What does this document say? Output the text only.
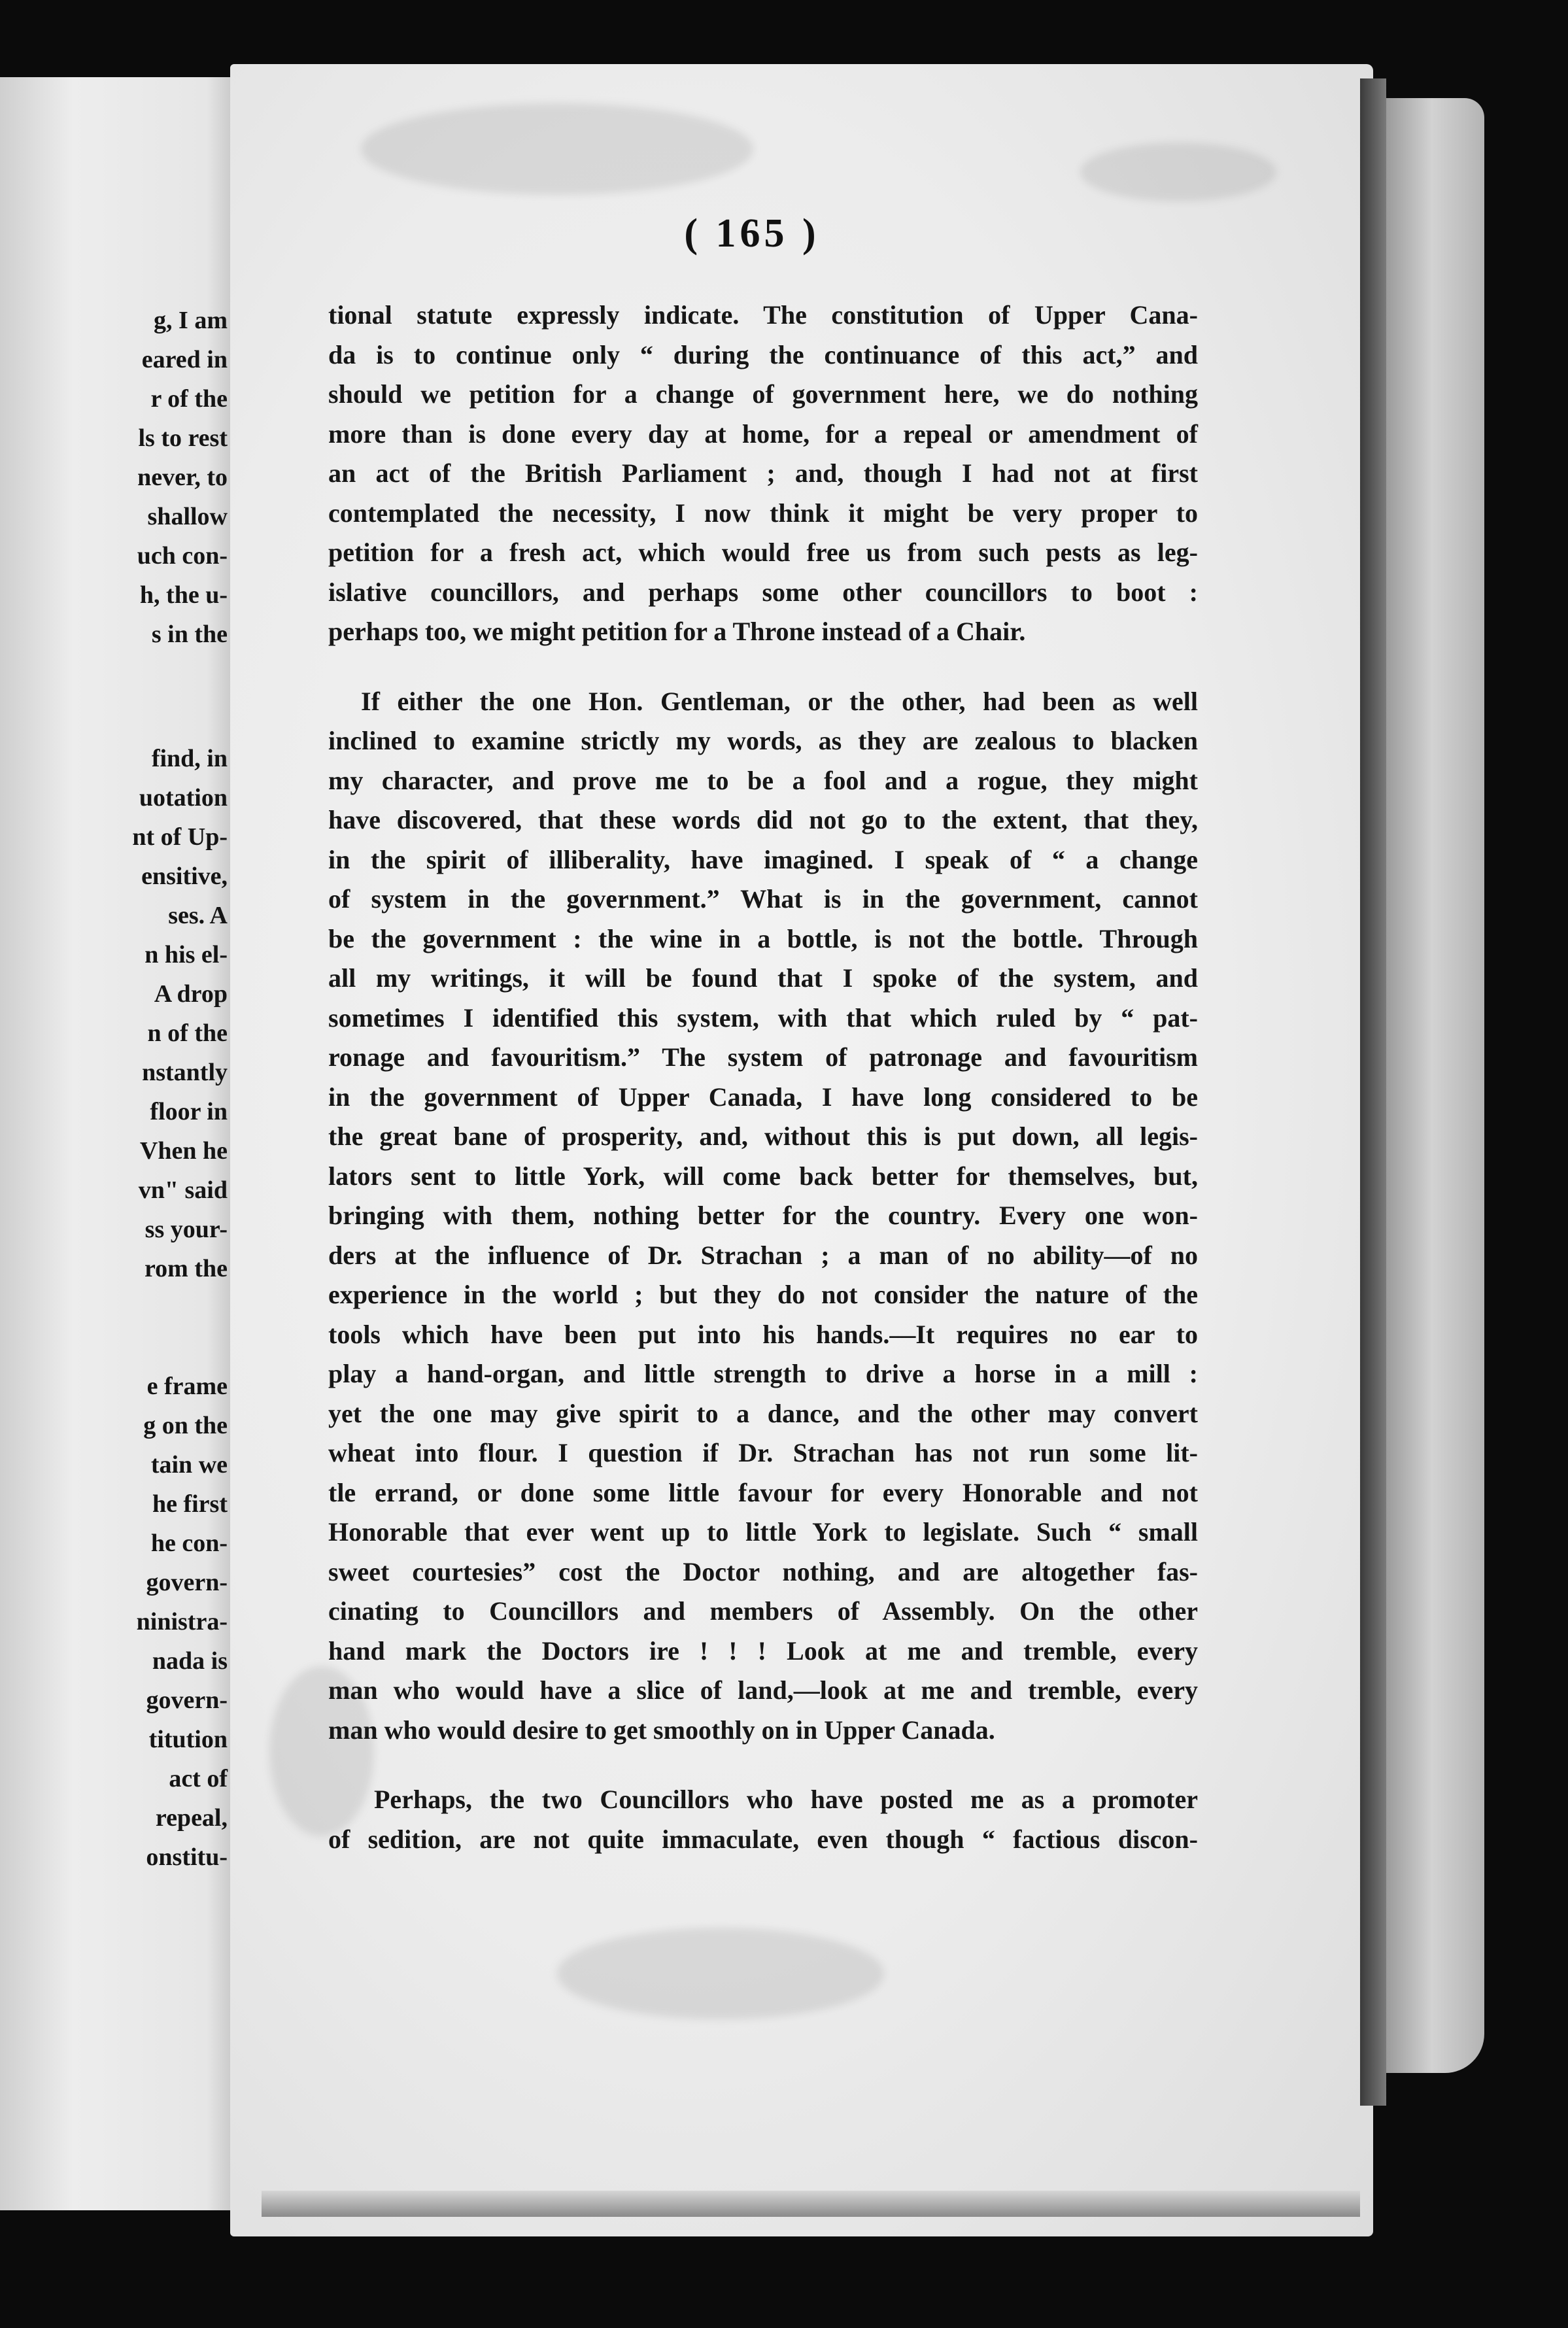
g, I am
eared in
r of the
ls to rest
never, to
shallow
uch con-
h, the u-
s in the
find, in
uotation
nt of Up-
ensitive,
ses. A
n his el-
A drop
n of the
nstantly
floor in
Vhen he
vn" said
ss your-
rom the
e frame
g on the
tain we
he first
he con-
govern-
ninistra-
nada is
govern-
titution
act of
repeal,
onstitu-
( 165 )
tional statute expressly indicate. The constitution of Upper Cana-
da is to continue only “ during the continuance of this act,” and
should we petition for a change of government here, we do nothing
more than is done every day at home, for a repeal or amendment of
an act of the British Parliament ; and, though I had not at first
contemplated the necessity, I now think it might be very proper to
petition for a fresh act, which would free us from such pests as leg-
islative councillors, and perhaps some other councillors to boot :
perhaps too, we might petition for a Throne instead of a Chair.
If either the one Hon. Gentleman, or the other, had been as well
inclined to examine strictly my words, as they are zealous to blacken
my character, and prove me to be a fool and a rogue, they might
have discovered, that these words did not go to the extent, that they,
in the spirit of illiberality, have imagined. I speak of “ a change
of system in the government.” What is in the government, cannot
be the government : the wine in a bottle, is not the bottle. Through
all my writings, it will be found that I spoke of the system, and
sometimes I identified this system, with that which ruled by “ pat-
ronage and favouritism.” The system of patronage and favouritism
in the government of Upper Canada, I have long considered to be
the great bane of prosperity, and, without this is put down, all legis-
lators sent to little York, will come back better for themselves, but,
bringing with them, nothing better for the country. Every one won-
ders at the influence of Dr. Strachan ; a man of no ability—of no
experience in the world ; but they do not consider the nature of the
tools which have been put into his hands.—It requires no ear to
play a hand-organ, and little strength to drive a horse in a mill :
yet the one may give spirit to a dance, and the other may convert
wheat into flour. I question if Dr. Strachan has not run some lit-
tle errand, or done some little favour for every Honorable and not
Honorable that ever went up to little York to legislate. Such “ small
sweet courtesies” cost the Doctor nothing, and are altogether fas-
cinating to Councillors and members of Assembly. On the other
hand mark the Doctors ire ! ! ! Look at me and tremble, every
man who would have a slice of land,—look at me and tremble, every
man who would desire to get smoothly on in Upper Canada.
Perhaps, the two Councillors who have posted me as a promoter
of sedition, are not quite immaculate, even though “ factious discon-
